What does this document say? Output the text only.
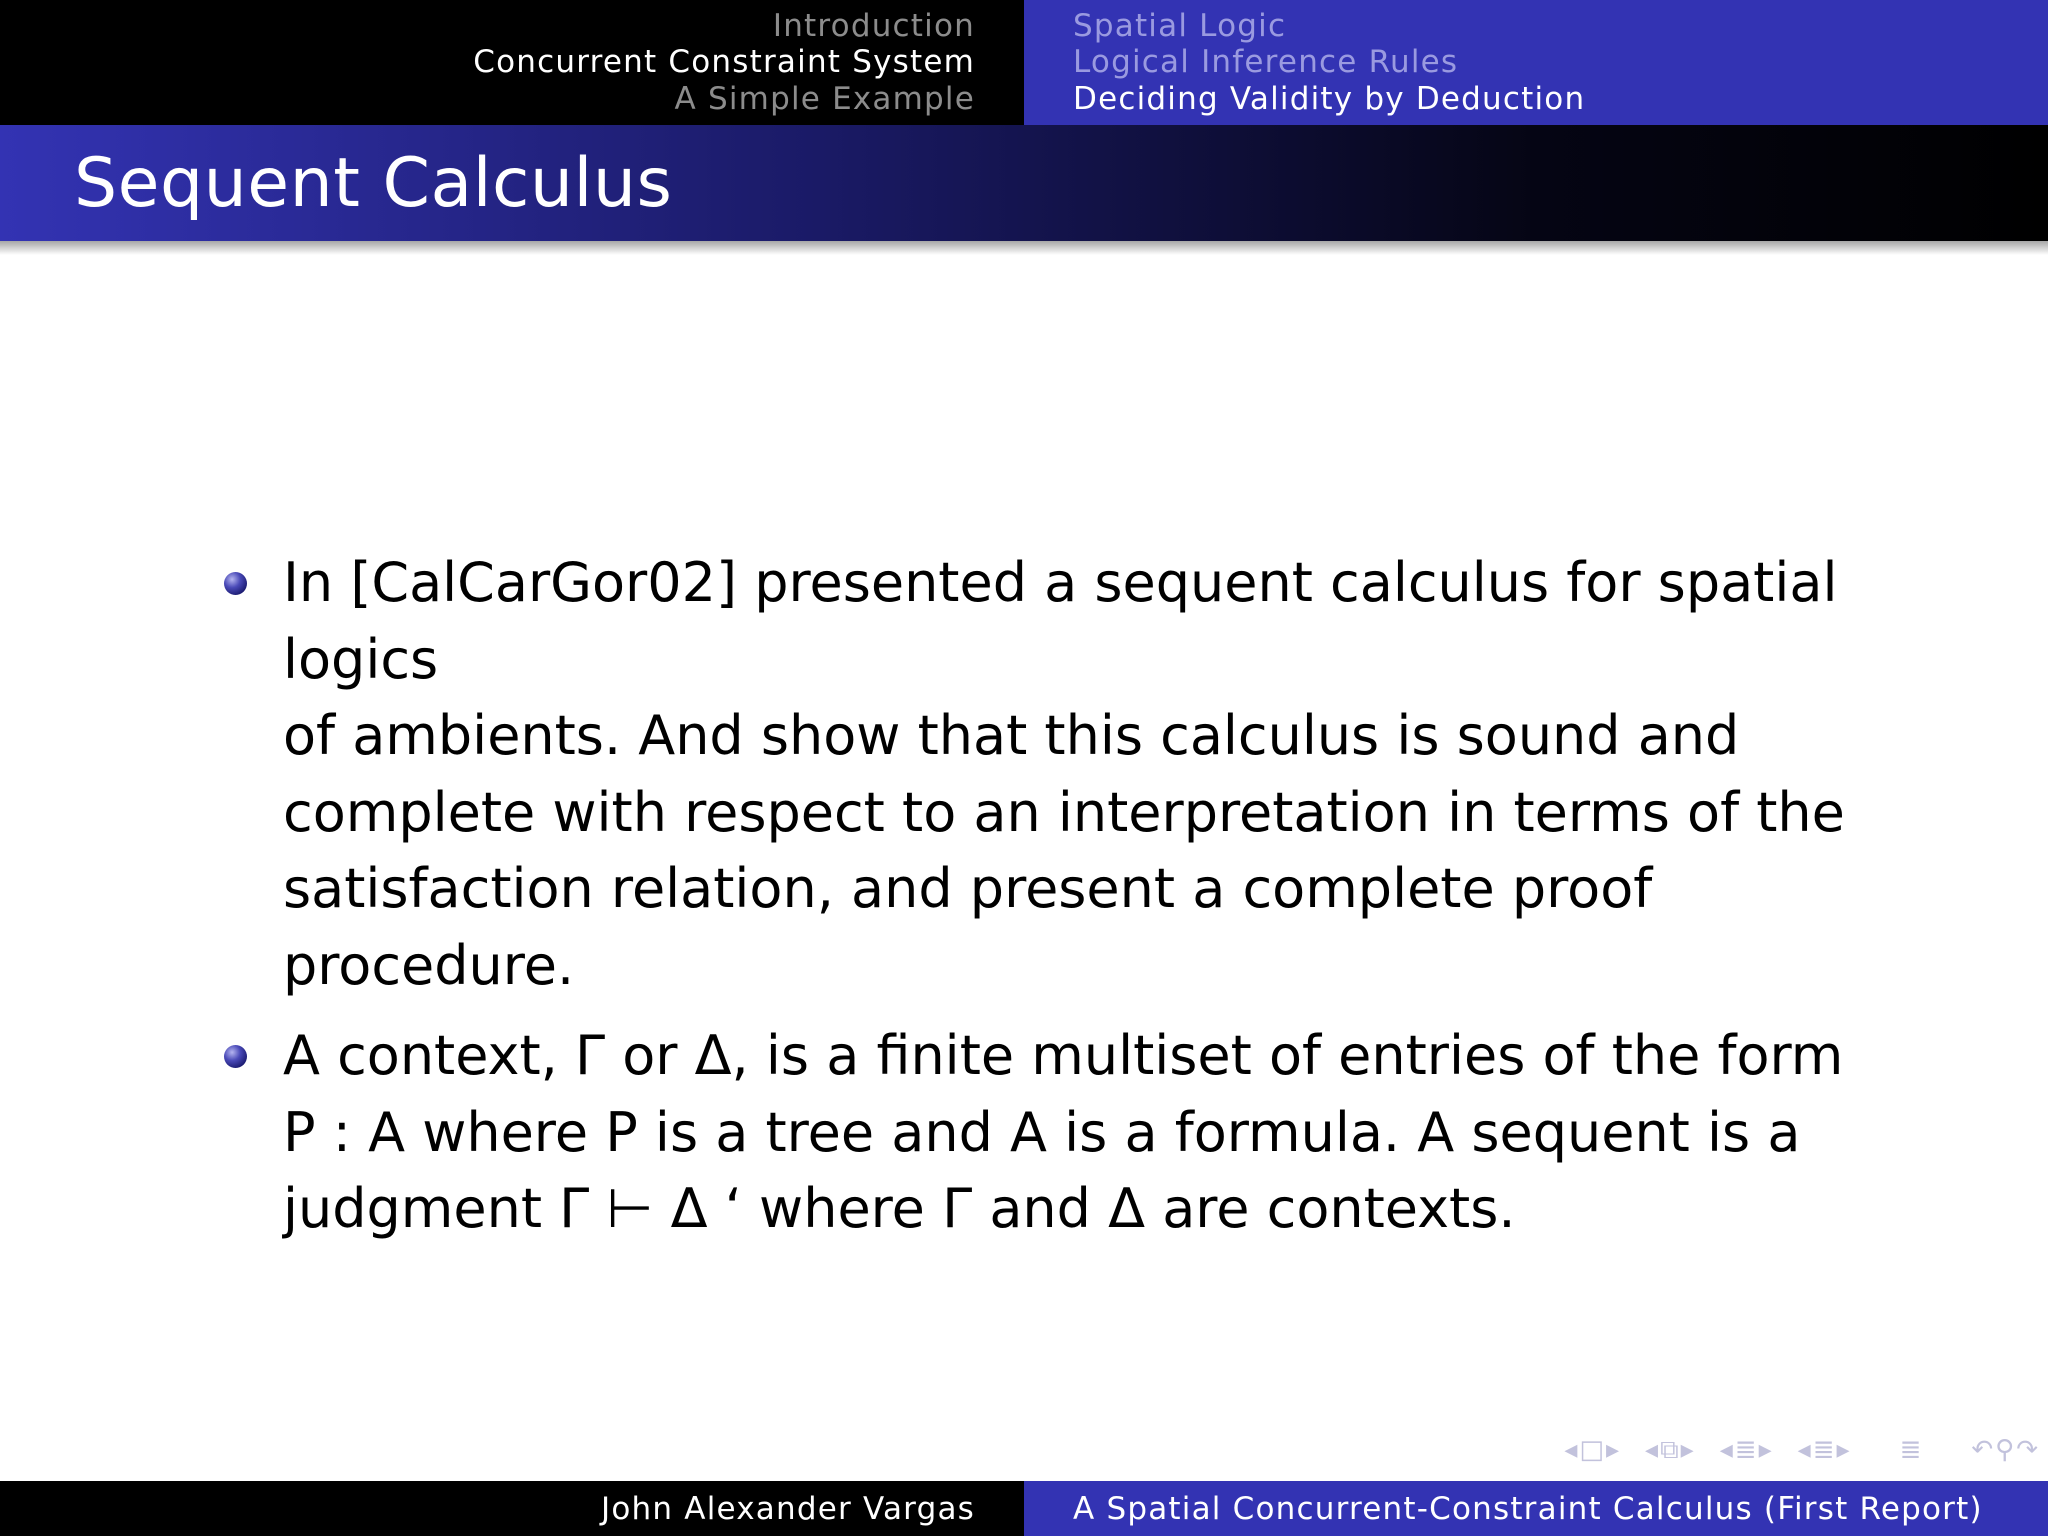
Introduction
Concurrent Constraint System
A Simple Example
Spatial Logic
Logical Inference Rules
Deciding Validity by Deduction
Sequent Calculus
In [CalCarGor02] presented a sequent calculus for spatial logics
of ambients. And show that this calculus is sound and
complete with respect to an interpretation in terms of the
satisfaction relation, and present a complete proof procedure.
A context, Γ or Δ, is a finite multiset of entries of the form
P : A where P is a tree and A is a formula. A sequent is a
judgment Γ ⊢ Δ ‘ where Γ and Δ are contexts.
◂ □ ▸ ◂ ⧉ ▸ ◂ ≣ ▸ ◂ ≣ ▸ ≣ ↶ ⚲ ↷
John Alexander Vargas	A Spatial Concurrent-Constraint Calculus (First Report)
